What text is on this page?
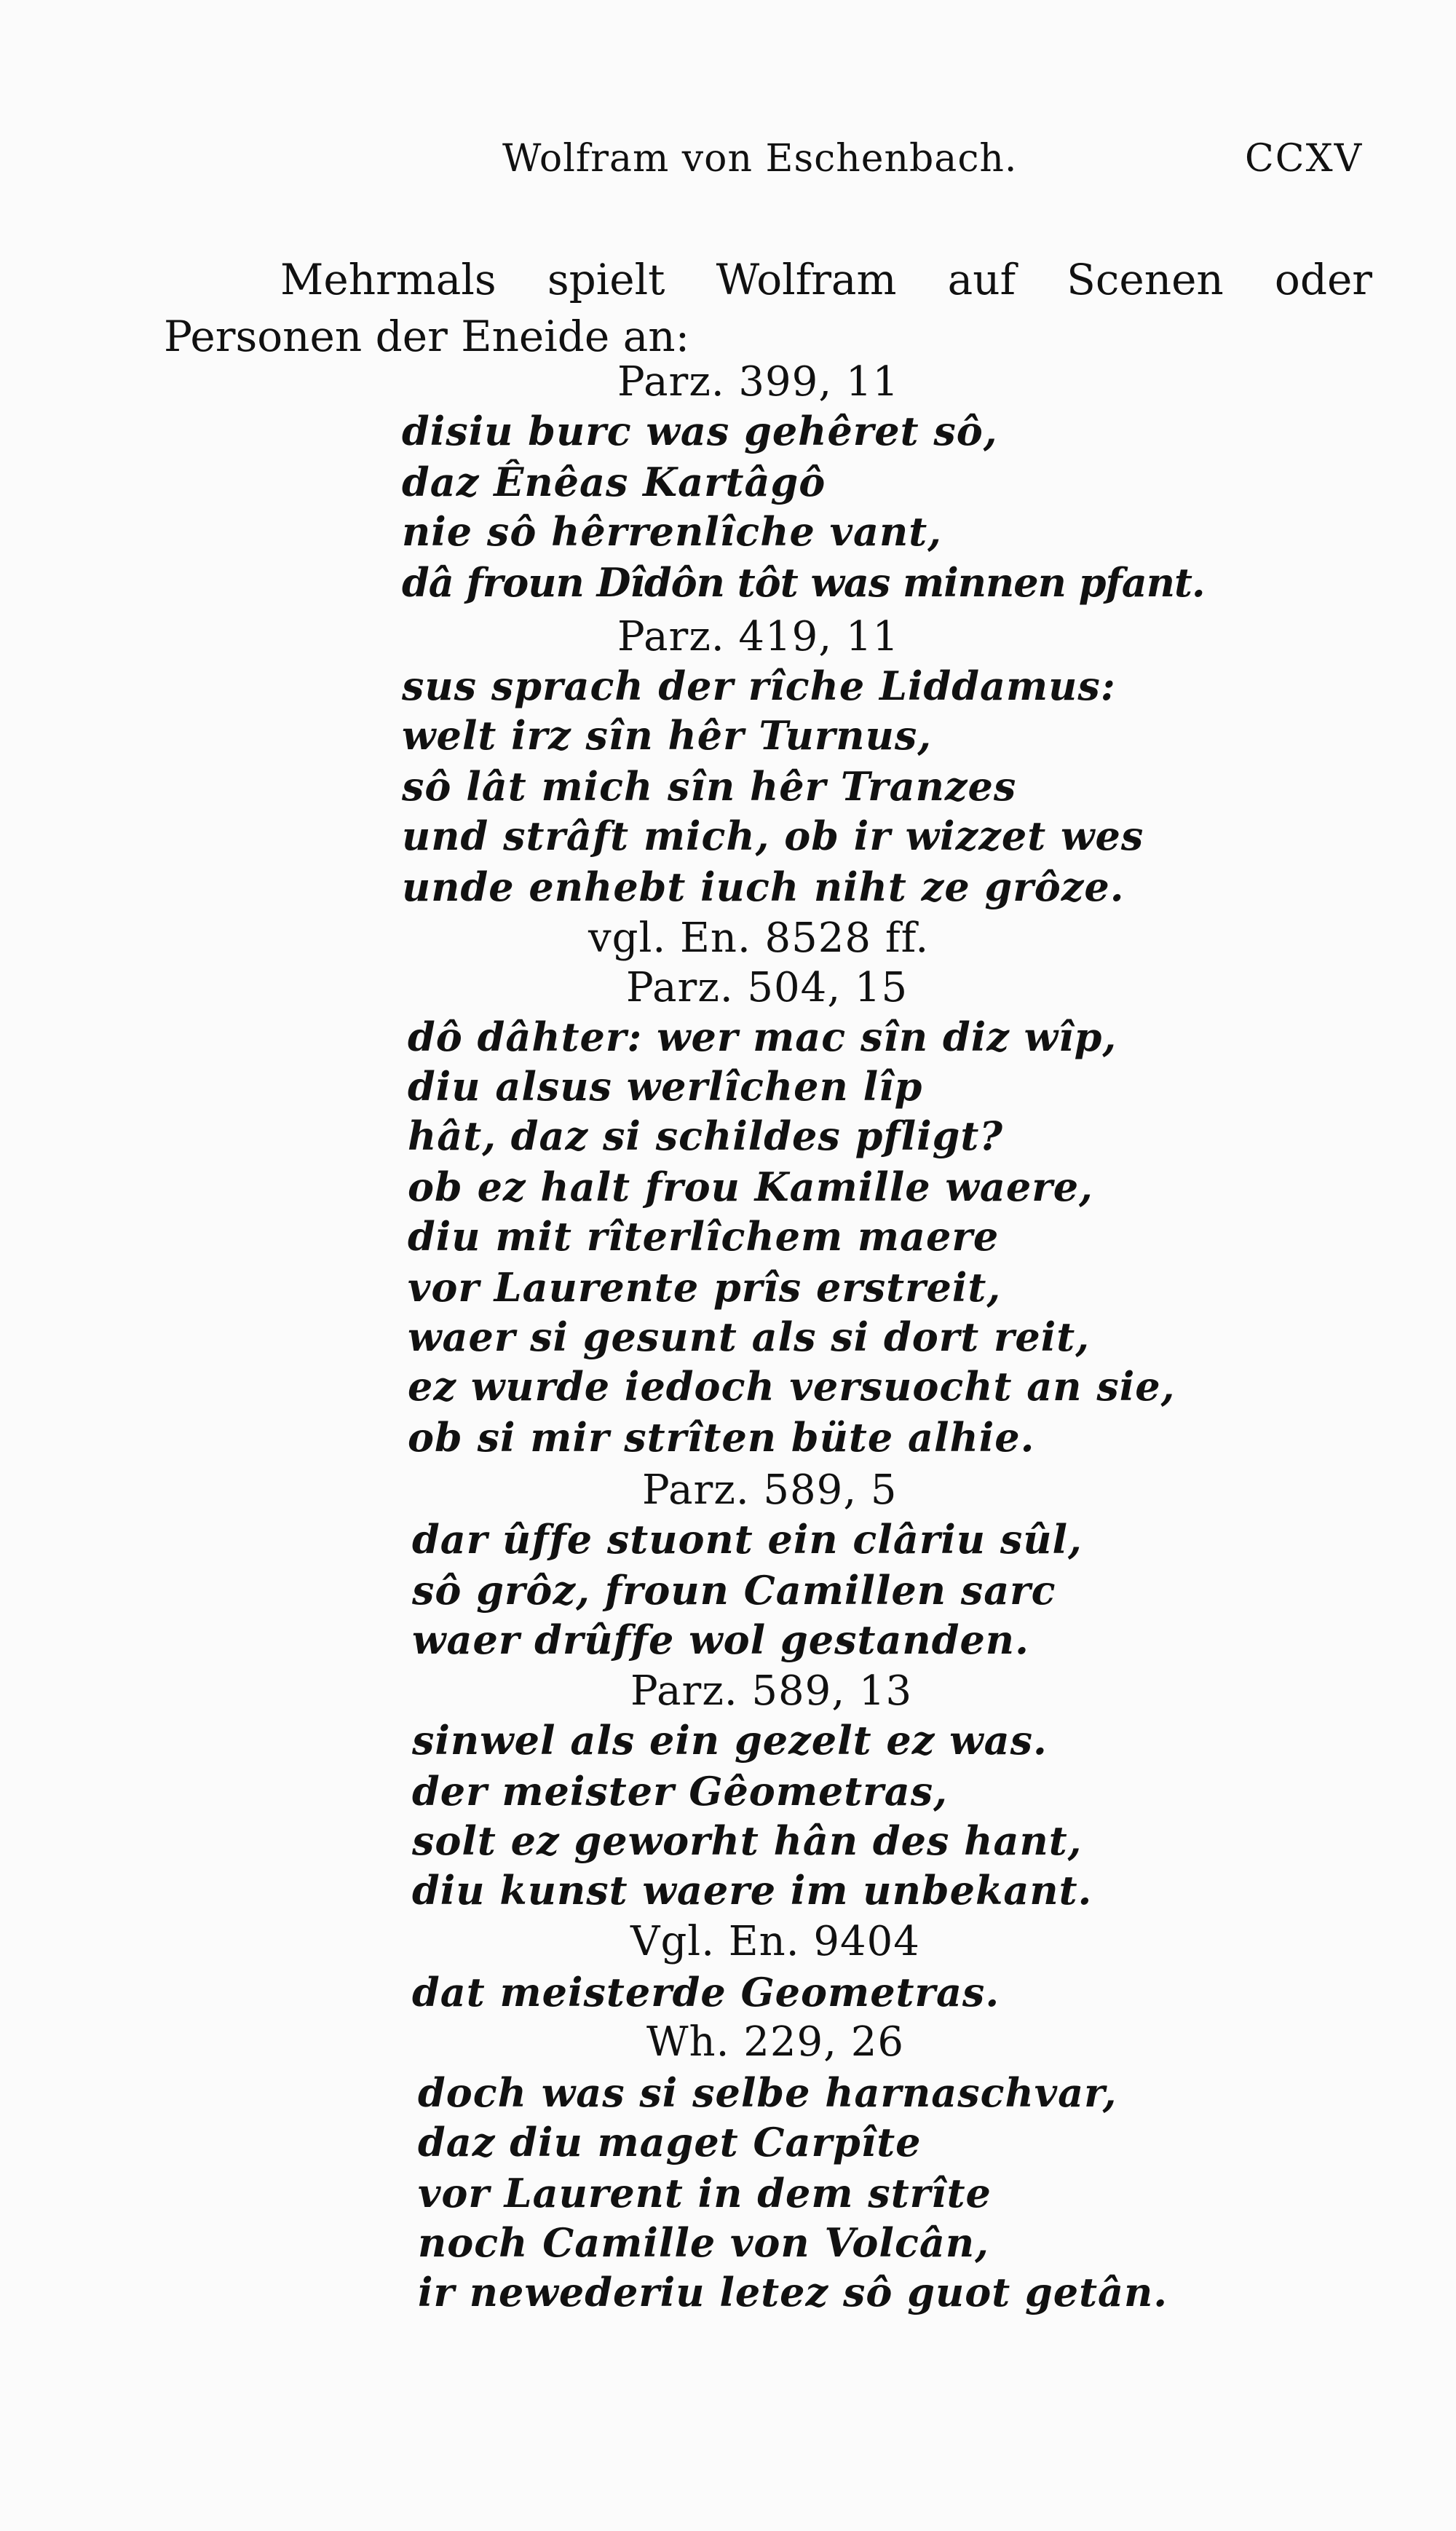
Wolfram von Eschenbach.	CCXV
Mehrmals spielt Wolfram auf Scenen oder Personen der Eneide an:
Parz. 399, 11
disiu burc was gehêret sô,
daz Ênêas Kartâgô
nie sô hêrrenlîche vant,
dâ froun Dîdôn tôt was minnen pfant.
Parz. 419, 11
sus sprach der rîche Liddamus:
welt irz sîn hêr Turnus,
sô lât mich sîn hêr Tranzes
und strâft mich, ob ir wizzet wes
unde enhebt iuch niht ze grôze.
vgl. En. 8528 ff.
Parz. 504, 15
dô dâhter: wer mac sîn diz wîp,
diu alsus werlîchen lîp
hât, daz si schildes pfligt?
ob ez halt frou Kamille waere,
diu mit rîterlîchem maere
vor Laurente prîs erstreit,
waer si gesunt als si dort reit,
ez wurde iedoch versuocht an sie,
ob si mir strîten büte alhie.
Parz. 589, 5
dar ûffe stuont ein clâriu sûl,
sô grôz, froun Camillen sarc
waer drûffe wol gestanden.
Parz. 589, 13
sinwel als ein gezelt ez was.
der meister Gêometras,
solt ez geworht hân des hant,
diu kunst waere im unbekant.
Vgl. En. 9404
dat meisterde Geometras.
Wh. 229, 26
doch was si selbe harnaschvar,
daz diu maget Carpîte
vor Laurent in dem strîte
noch Camille von Volcân,
ir newederiu letez sô guot getân.
